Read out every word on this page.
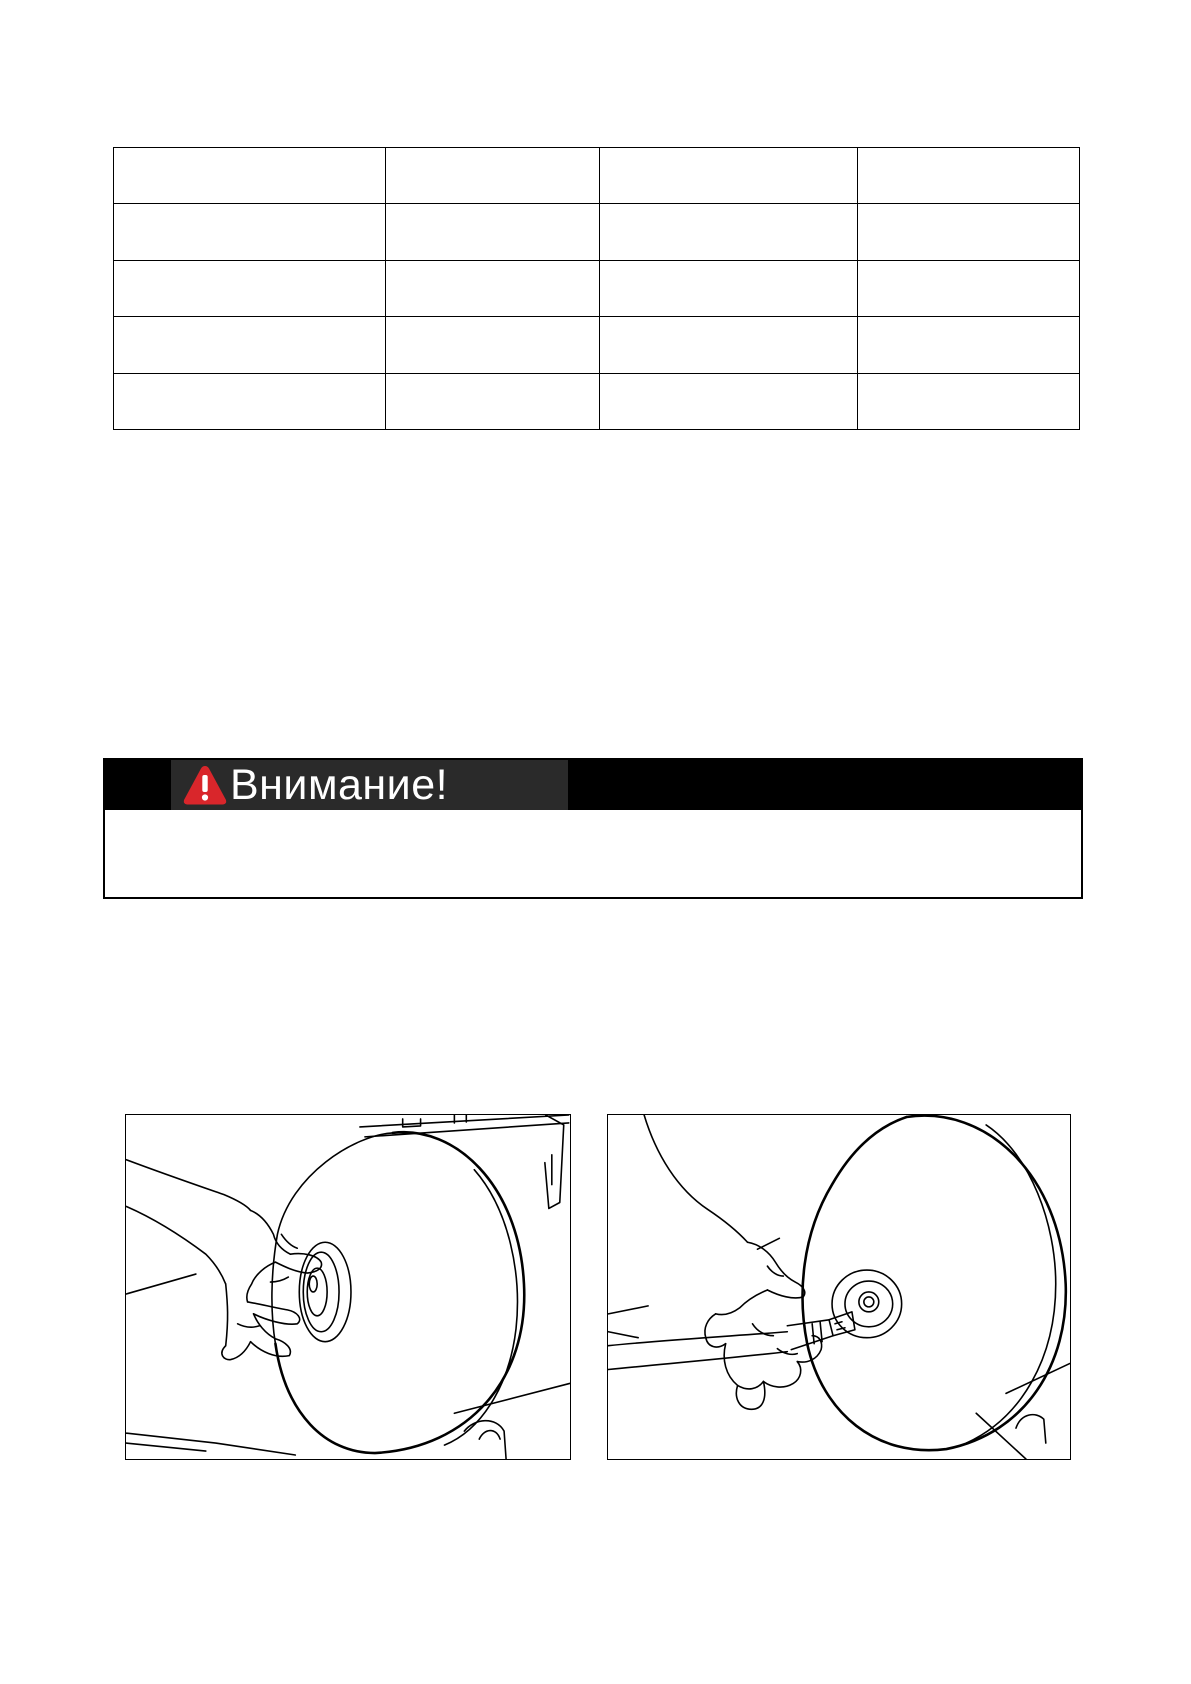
Внимание!
